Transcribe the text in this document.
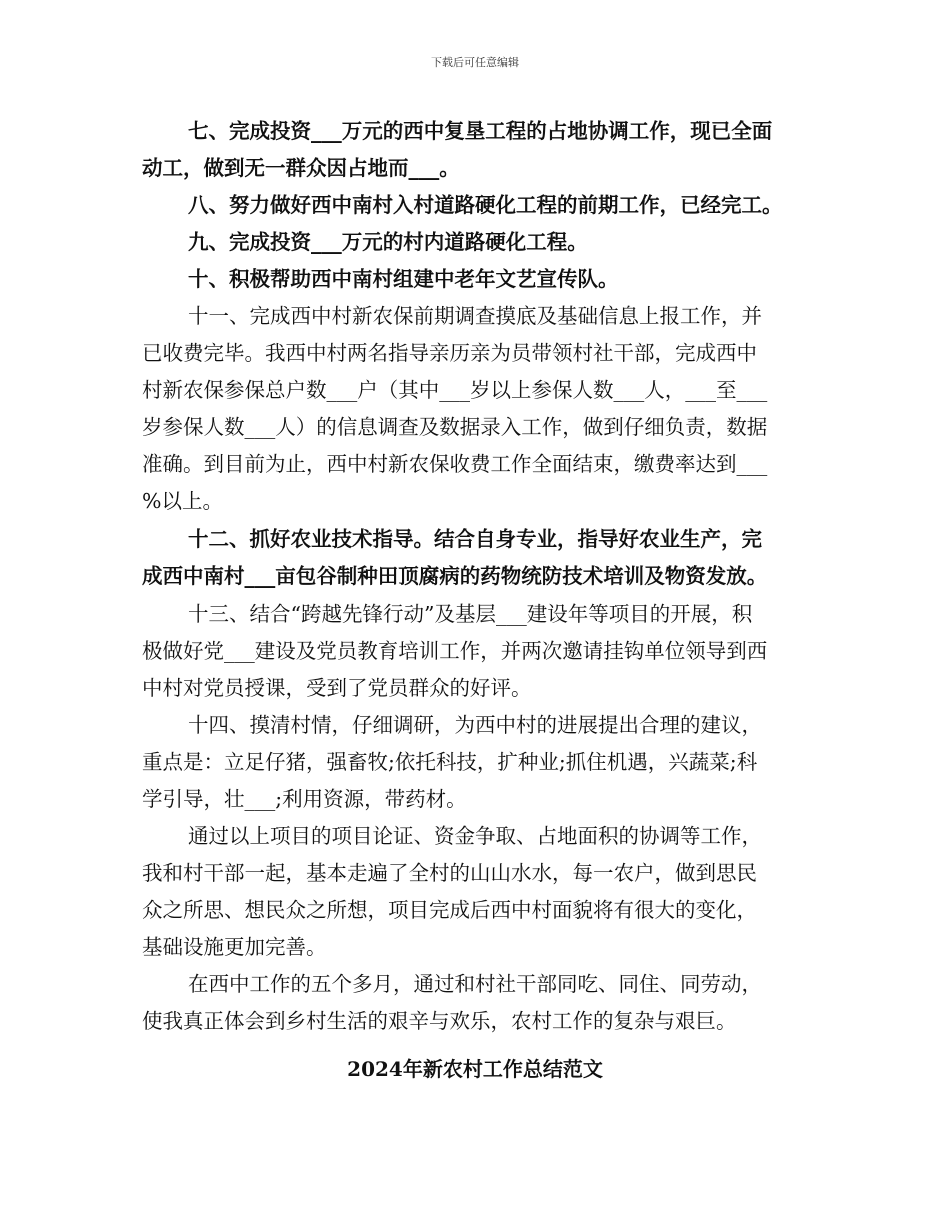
下载后可任意编辑
七、完成投资___万元的西中复垦工程的占地协调工作，现已全面
动工，做到无一群众因占地而___。
八、努力做好西中南村入村道路硬化工程的前期工作，已经完工。
九、完成投资___万元的村内道路硬化工程。
十、积极帮助西中南村组建中老年文艺宣传队。
十一、完成西中村新农保前期调查摸底及基础信息上报工作，并
已收费完毕。我西中村两名指导亲历亲为员带领村社干部，完成西中
村新农保参保总户数___户（其中___岁以上参保人数___人，___至___
岁参保人数___人）的信息调查及数据录入工作，做到仔细负责，数据
准确。到目前为止，西中村新农保收费工作全面结束，缴费率达到___
%以上。
十二、抓好农业技术指导。结合自身专业，指导好农业生产，完
成西中南村___亩包谷制种田顶腐病的药物统防技术培训及物资发放。
十三、结合“跨越先锋行动”及基层___建设年等项目的开展，积
极做好党___建设及党员教育培训工作，并两次邀请挂钩单位领导到西
中村对党员授课，受到了党员群众的好评。
十四、摸清村情，仔细调研，为西中村的进展提出合理的建议，
重点是：立足仔猪，强畜牧;依托科技，扩种业;抓住机遇，兴蔬菜;科
学引导，壮___;利用资源，带药材。
通过以上项目的项目论证、资金争取、占地面积的协调等工作，
我和村干部一起，基本走遍了全村的山山水水，每一农户，做到思民
众之所思、想民众之所想，项目完成后西中村面貌将有很大的变化，
基础设施更加完善。
在西中工作的五个多月，通过和村社干部同吃、同住、同劳动，
使我真正体会到乡村生活的艰辛与欢乐，农村工作的复杂与艰巨。
2024年新农村工作总结范文
